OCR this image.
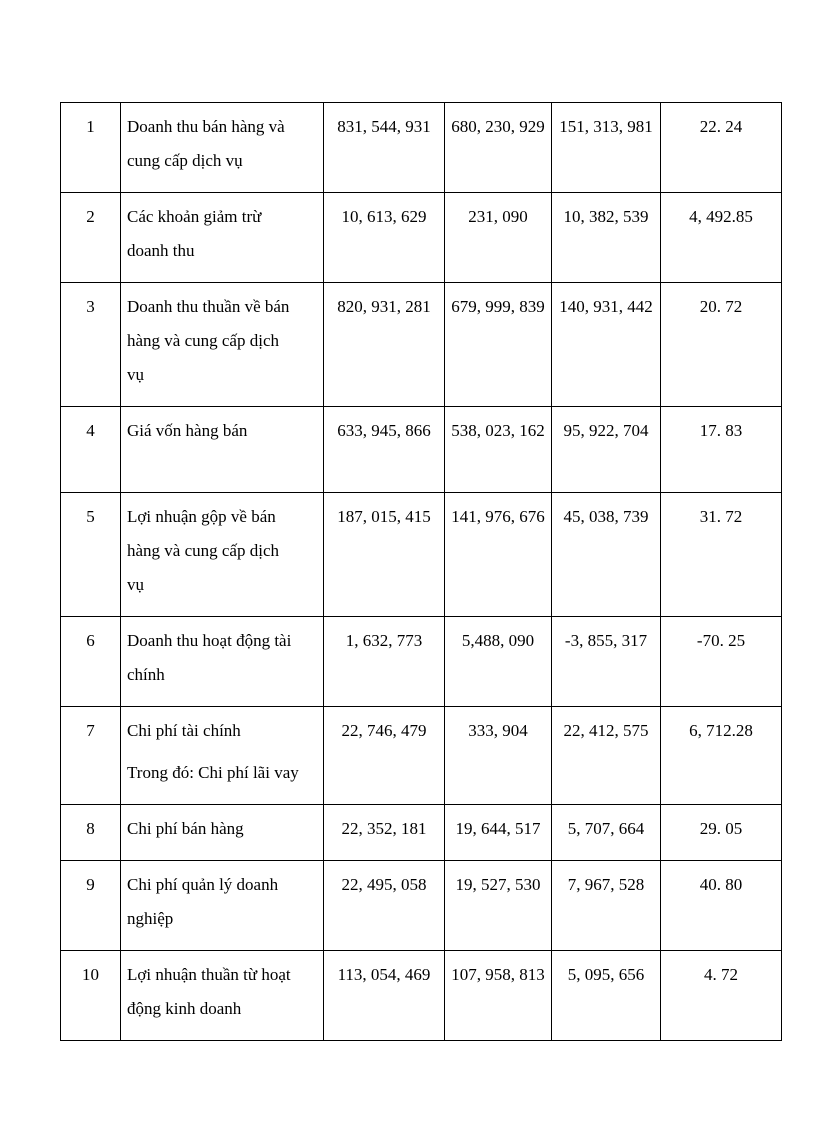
1	Doanh thu bán hàng và
cung cấp dịch vụ	831, 544, 931	680, 230, 929	151, 313, 981	22. 24
2	Các khoản giảm trừ
doanh thu	10, 613, 629	231, 090	10, 382, 539	4, 492.85
3	Doanh thu thuần về bán
hàng và cung cấp dịch
vụ	820, 931, 281	679, 999, 839	140, 931, 442	20. 72
4	Giá vốn hàng bán	633, 945, 866	538, 023, 162	95, 922, 704	17. 83
5	Lợi nhuận gộp về bán
hàng và cung cấp dịch
vụ	187, 015, 415	141, 976, 676	45, 038, 739	31. 72
6	Doanh thu hoạt động tài
chính	1, 632, 773	5,488, 090	-3, 855, 317	-70. 25
7	Chi phí tài chính
Trong đó: Chi phí lãi vay	22, 746, 479	333, 904	22, 412, 575	6, 712.28
8	Chi phí bán hàng	22, 352, 181	19, 644, 517	5, 707, 664	29. 05
9	Chi phí quản lý doanh
nghiệp	22, 495, 058	19, 527, 530	7, 967, 528	40. 80
10	Lợi nhuận thuần từ hoạt
động kinh doanh	113, 054, 469	107, 958, 813	5, 095, 656	4. 72
